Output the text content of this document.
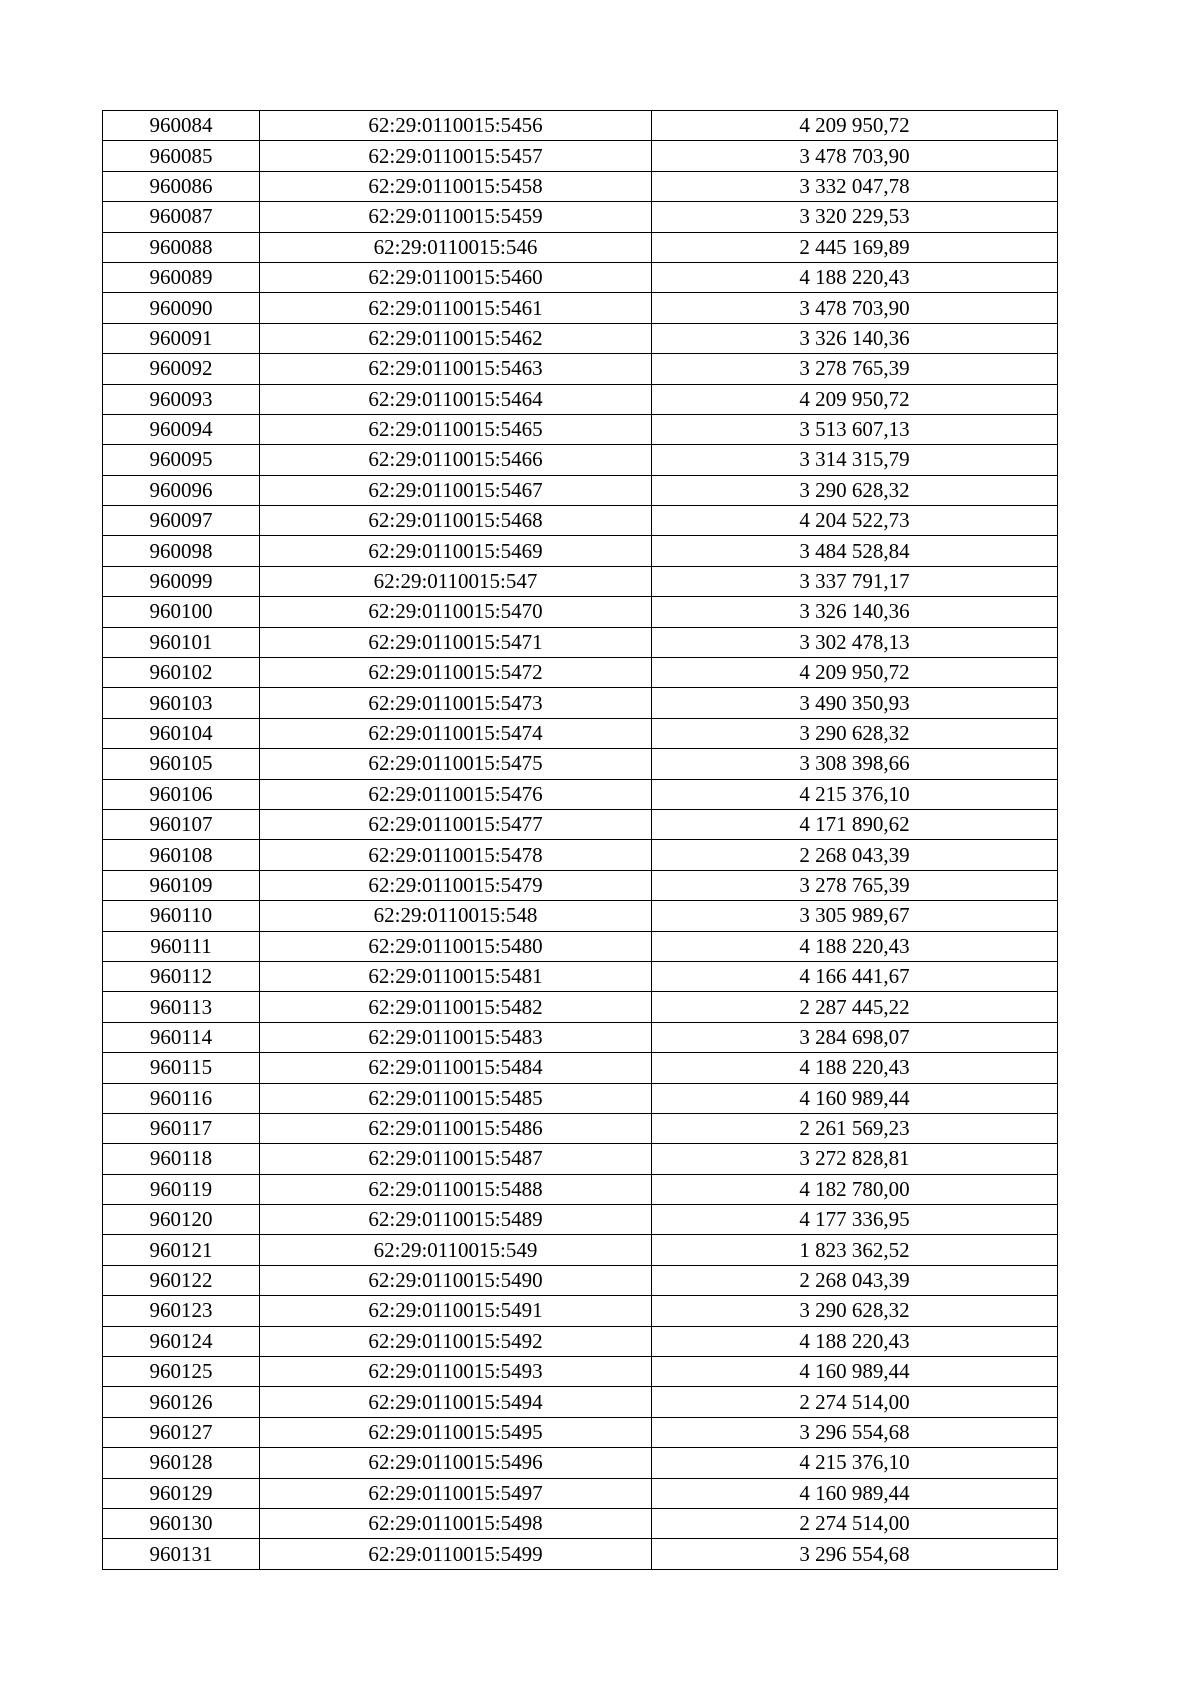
960084	62:29:0110015:5456	4 209 950,72
960085	62:29:0110015:5457	3 478 703,90
960086	62:29:0110015:5458	3 332 047,78
960087	62:29:0110015:5459	3 320 229,53
960088	62:29:0110015:546	2 445 169,89
960089	62:29:0110015:5460	4 188 220,43
960090	62:29:0110015:5461	3 478 703,90
960091	62:29:0110015:5462	3 326 140,36
960092	62:29:0110015:5463	3 278 765,39
960093	62:29:0110015:5464	4 209 950,72
960094	62:29:0110015:5465	3 513 607,13
960095	62:29:0110015:5466	3 314 315,79
960096	62:29:0110015:5467	3 290 628,32
960097	62:29:0110015:5468	4 204 522,73
960098	62:29:0110015:5469	3 484 528,84
960099	62:29:0110015:547	3 337 791,17
960100	62:29:0110015:5470	3 326 140,36
960101	62:29:0110015:5471	3 302 478,13
960102	62:29:0110015:5472	4 209 950,72
960103	62:29:0110015:5473	3 490 350,93
960104	62:29:0110015:5474	3 290 628,32
960105	62:29:0110015:5475	3 308 398,66
960106	62:29:0110015:5476	4 215 376,10
960107	62:29:0110015:5477	4 171 890,62
960108	62:29:0110015:5478	2 268 043,39
960109	62:29:0110015:5479	3 278 765,39
960110	62:29:0110015:548	3 305 989,67
960111	62:29:0110015:5480	4 188 220,43
960112	62:29:0110015:5481	4 166 441,67
960113	62:29:0110015:5482	2 287 445,22
960114	62:29:0110015:5483	3 284 698,07
960115	62:29:0110015:5484	4 188 220,43
960116	62:29:0110015:5485	4 160 989,44
960117	62:29:0110015:5486	2 261 569,23
960118	62:29:0110015:5487	3 272 828,81
960119	62:29:0110015:5488	4 182 780,00
960120	62:29:0110015:5489	4 177 336,95
960121	62:29:0110015:549	1 823 362,52
960122	62:29:0110015:5490	2 268 043,39
960123	62:29:0110015:5491	3 290 628,32
960124	62:29:0110015:5492	4 188 220,43
960125	62:29:0110015:5493	4 160 989,44
960126	62:29:0110015:5494	2 274 514,00
960127	62:29:0110015:5495	3 296 554,68
960128	62:29:0110015:5496	4 215 376,10
960129	62:29:0110015:5497	4 160 989,44
960130	62:29:0110015:5498	2 274 514,00
960131	62:29:0110015:5499	3 296 554,68
